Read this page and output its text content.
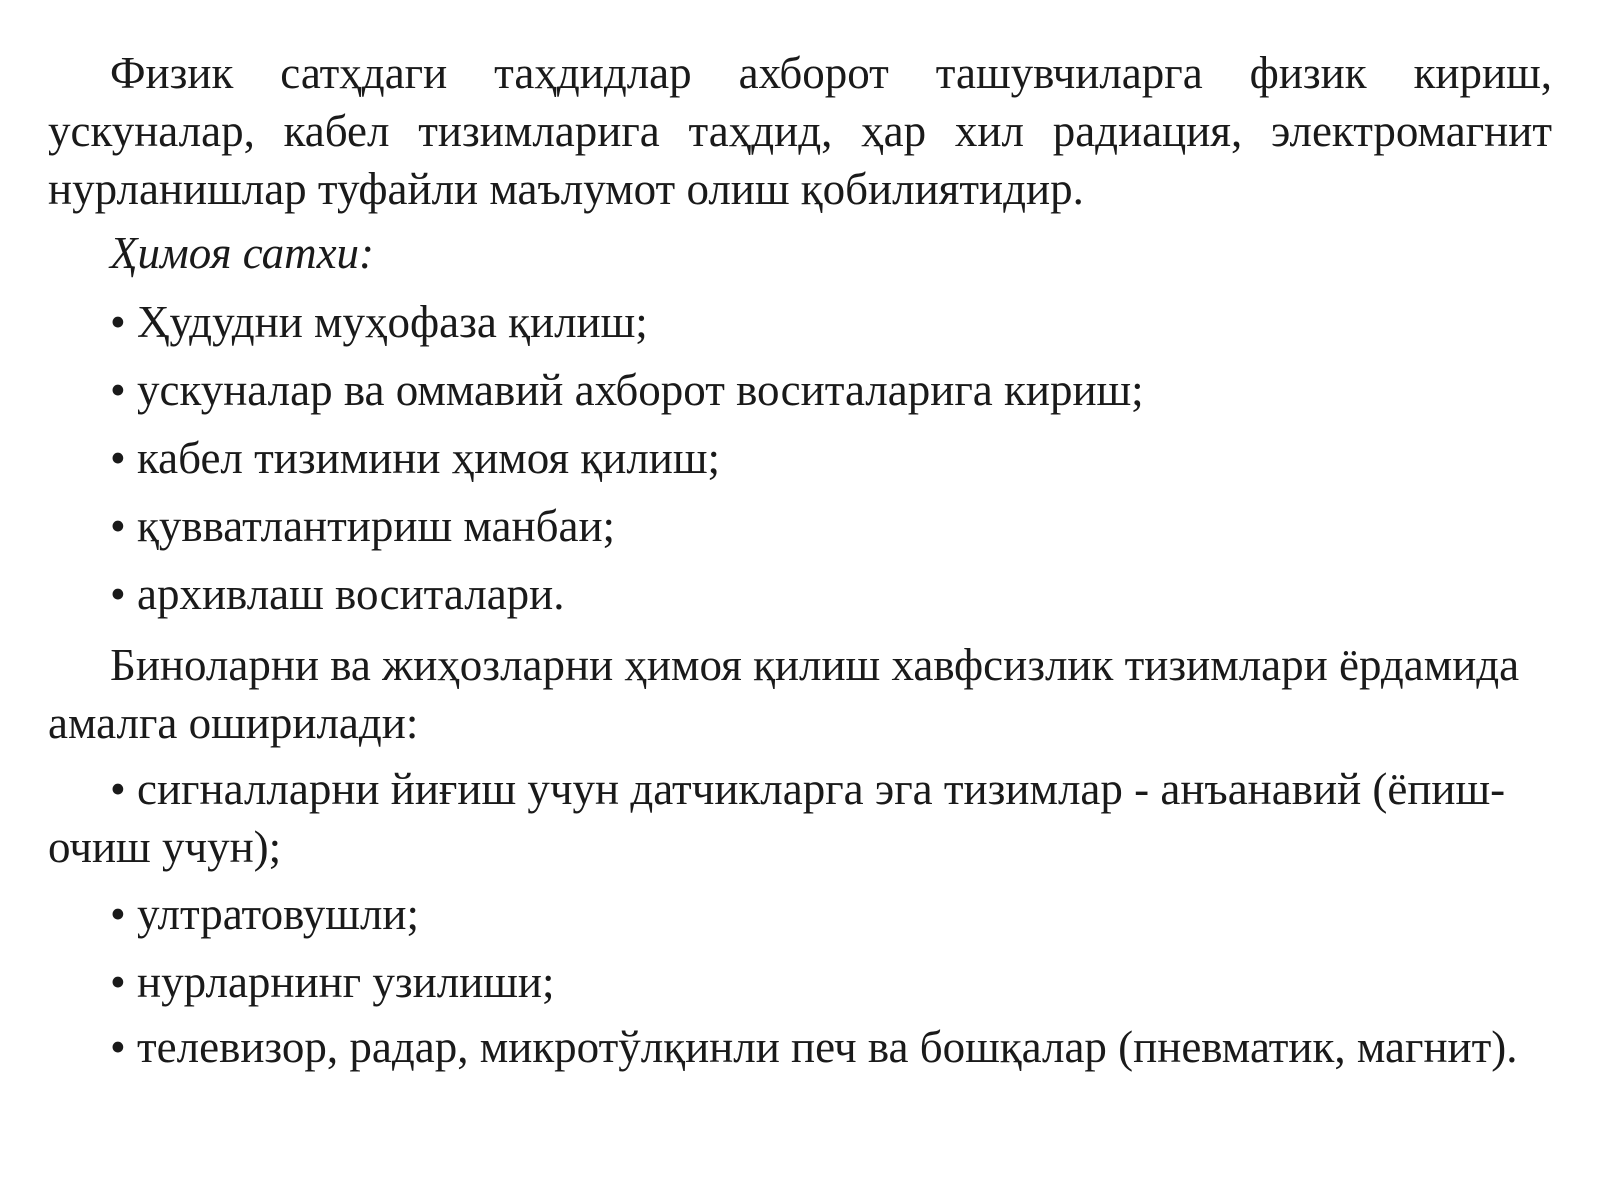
Физик сатҳдаги таҳдидлар ахборот ташувчиларга физик кириш, ускуналар, кабел тизимларига таҳдид, ҳар хил радиация, электромагнит нурланишлар туфайли маълумот олиш қобилиятидир.

Ҳимоя сатхи:

• Ҳудудни муҳофаза қилиш;

• ускуналар ва оммавий ахборот воситаларига кириш;

• кабел тизимини ҳимоя қилиш;

• қувватлантириш манбаи;

• архивлаш воситалари.

Биноларни ва жиҳозларни ҳимоя қилиш хавфсизлик тизимлари ёрдамида амалга оширилади:

• сигналларни йиғиш учун датчикларга эга тизимлар - анъанавий (ёпиш-очиш учун);

• ултратовушли;

• нурларнинг узилиши;

• телевизор, радар, микротўлқинли печ ва бошқалар (пневматик, магнит).
